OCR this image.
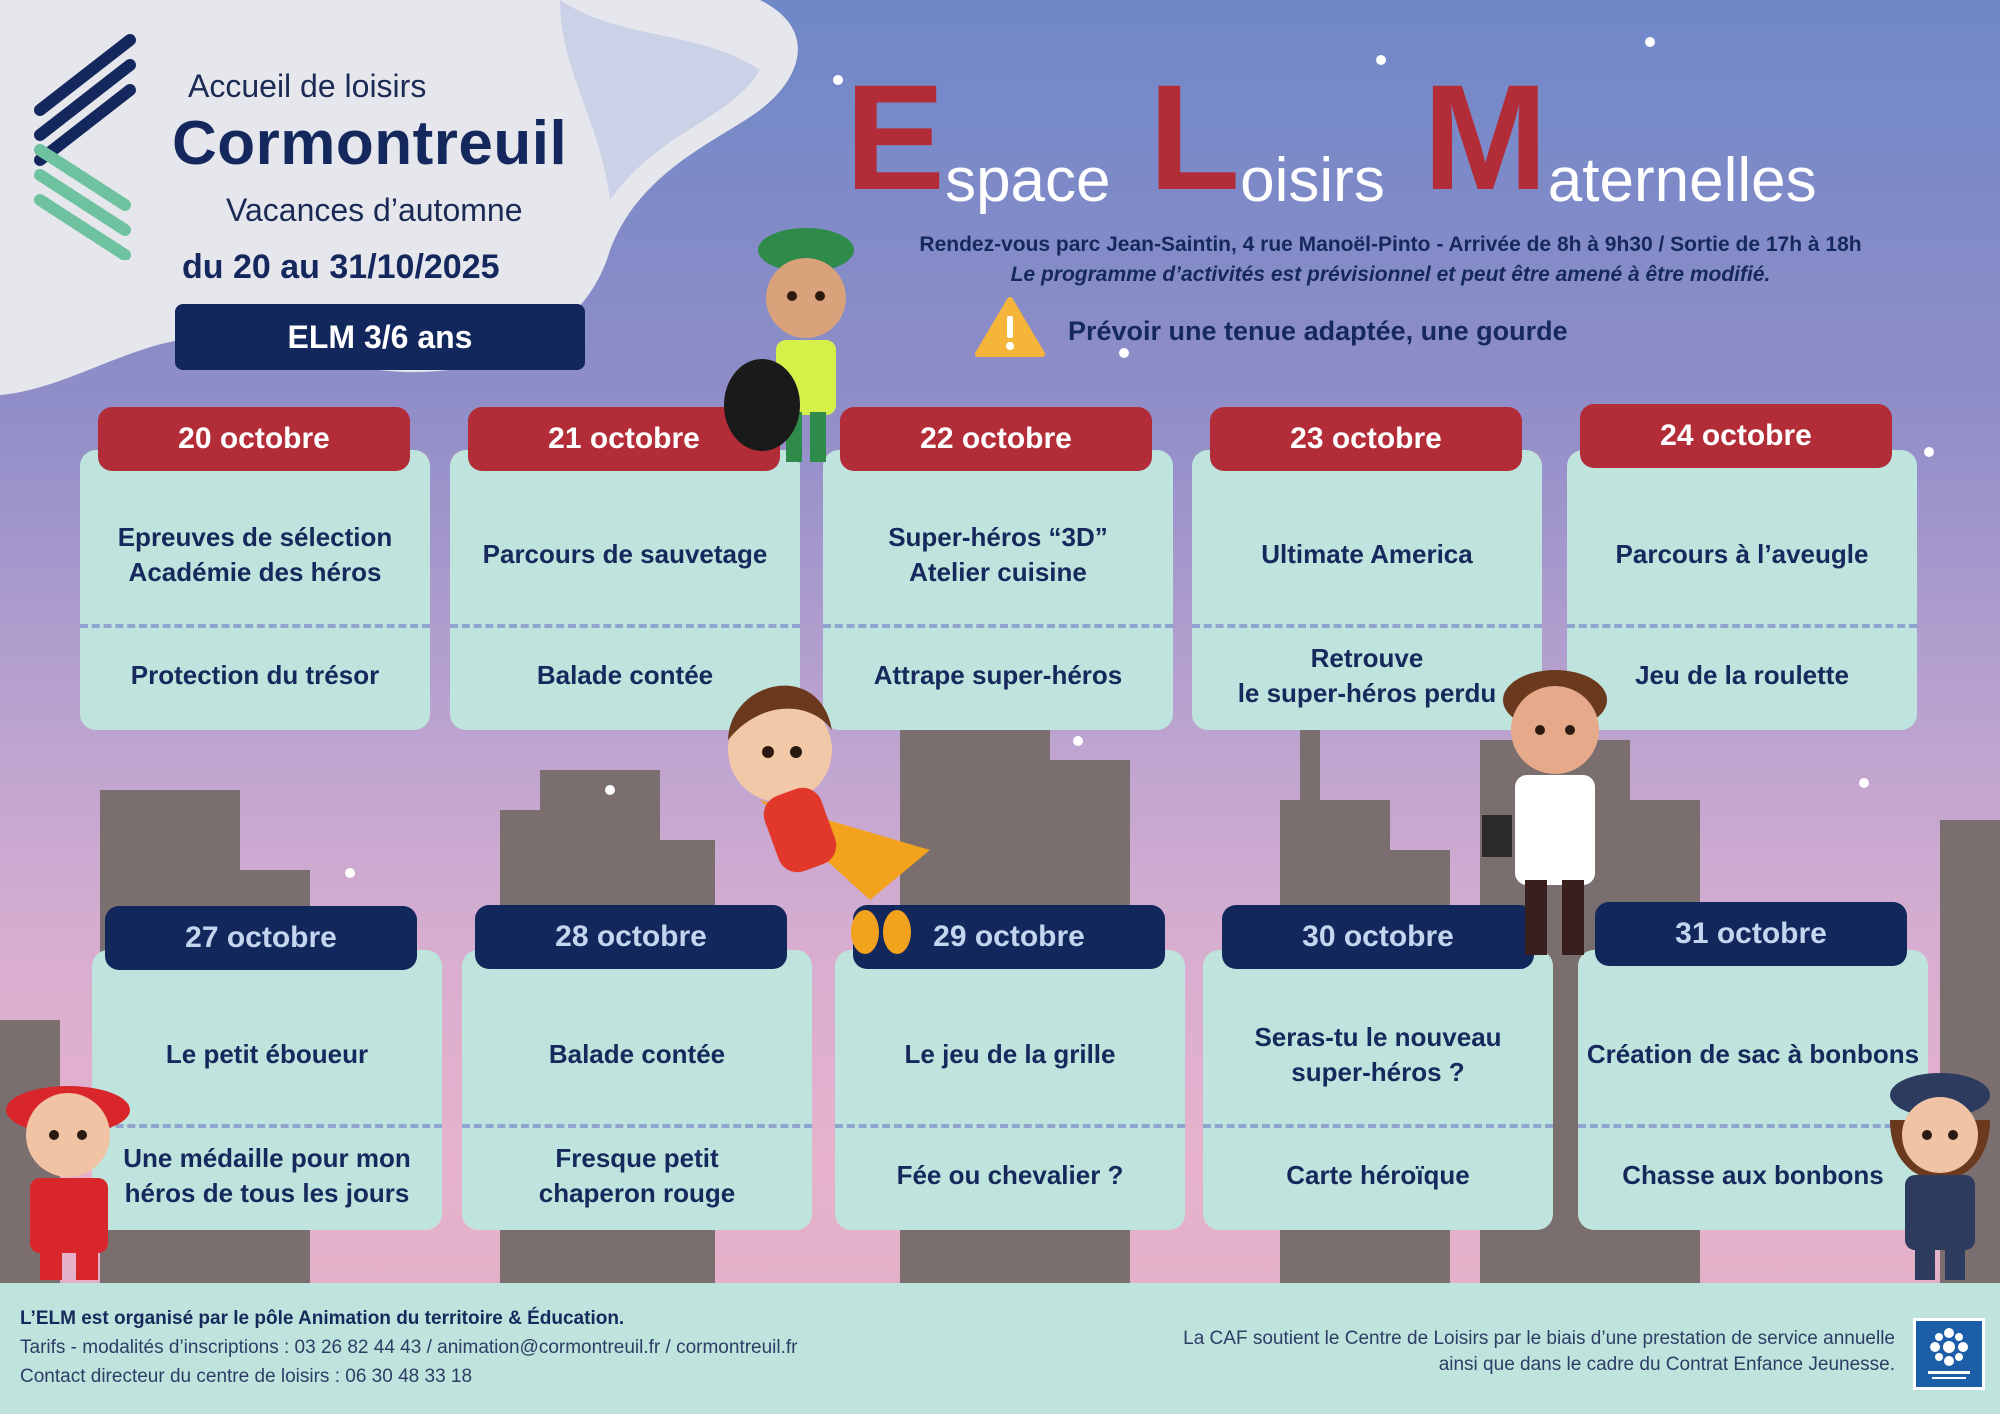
Accueil de loisirs
Cormontreuil
Vacances d’automne
du 20 au 31/10/2025
ELM 3/6 ans
Espace Loisirs Maternelles
Rendez-vous parc Jean-Saintin, 4 rue Manoël-Pinto - Arrivée de 8h à 9h30 / Sortie de 17h à 18h
Le programme d’activités est prévisionnel et peut être amené à être modifié.
Prévoir une tenue adaptée, une gourde
Epreuves de sélection
Académie des héros
Protection du trésor
20 octobre
Parcours de sauvetage
Balade contée
21 octobre
Super-héros “3D”
Atelier cuisine
Attrape super-héros
22 octobre
Ultimate America
Retrouve
le super-héros perdu
23 octobre
Parcours à l’aveugle
Jeu de la roulette
24 octobre
Le petit éboueur
Une médaille pour mon
héros de tous les jours
27 octobre
Balade contée
Fresque petit
chaperon rouge
28 octobre
Le jeu de la grille
Fée ou chevalier ?
29 octobre
Seras-tu le nouveau
super-héros ?
Carte héroïque
30 octobre
Création de sac à bonbons
Chasse aux bonbons
31 octobre
L’ELM est organisé par le pôle Animation du territoire & Éducation.
Tarifs - modalités d’inscriptions : 03 26 82 44 43 / animation@cormontreuil.fr / cormontreuil.fr
Contact directeur du centre de loisirs : 06 30 48 33 18
La CAF soutient le Centre de Loisirs par le biais d’une prestation de service annuelle
ainsi que dans le cadre du Contrat Enfance Jeunesse.
